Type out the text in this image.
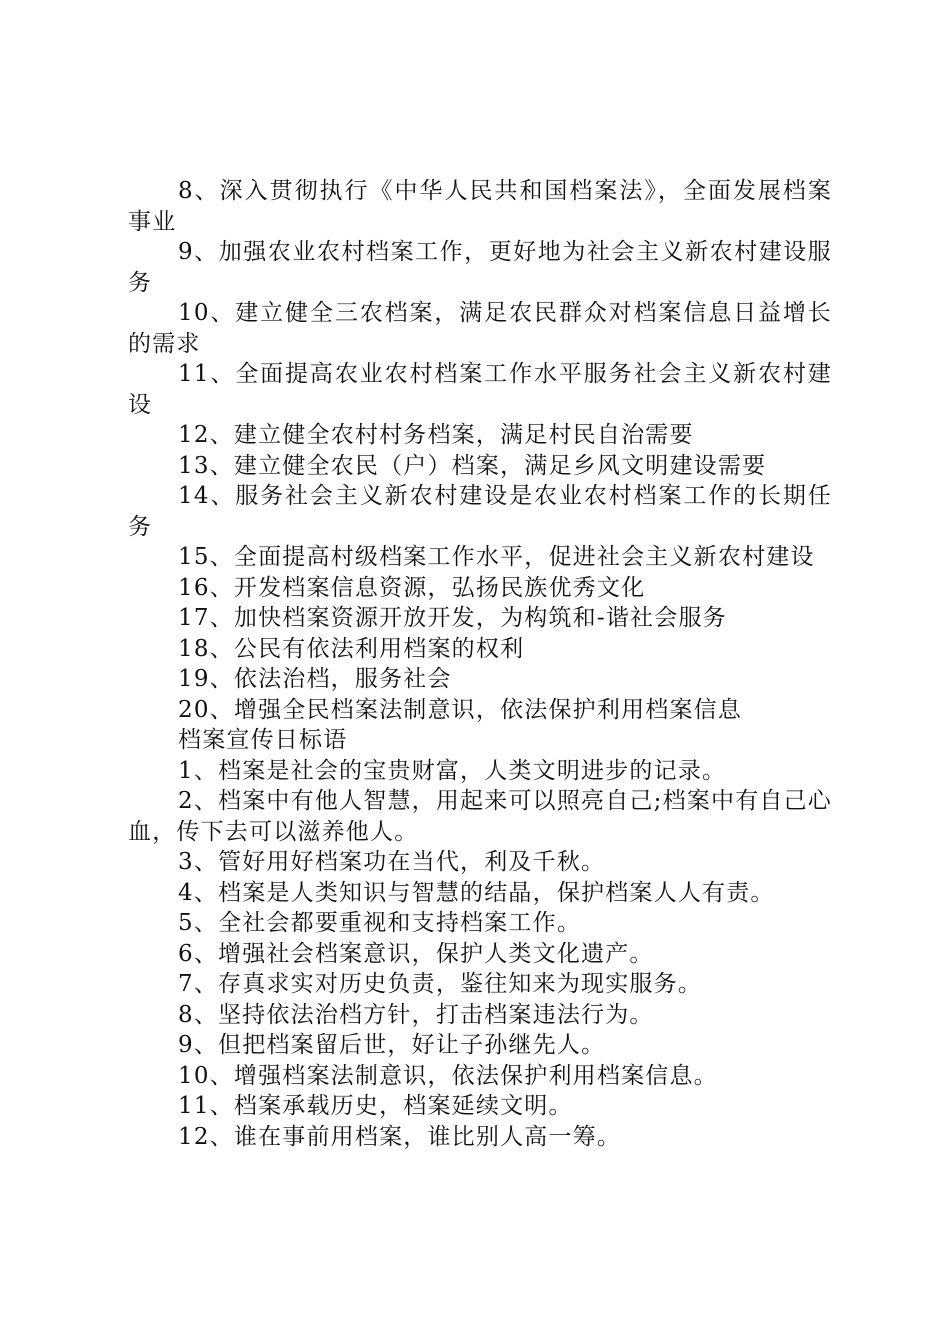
8、深入贯彻执行《中华人民共和国档案法》，全面发展档案事业

9、加强农业农村档案工作，更好地为社会主义新农村建设服务

10、建立健全三农档案，满足农民群众对档案信息日益增长的需求

11、全面提高农业农村档案工作水平服务社会主义新农村建设

12、建立健全农村村务档案，满足村民自治需要

13、建立健全农民（户）档案，满足乡风文明建设需要

14、服务社会主义新农村建设是农业农村档案工作的长期任务

15、全面提高村级档案工作水平，促进社会主义新农村建设

16、开发档案信息资源，弘扬民族优秀文化

17、加快档案资源开放开发，为构筑和-谐社会服务

18、公民有依法利用档案的权利

19、依法治档，服务社会

20、增强全民档案法制意识，依法保护利用档案信息

档案宣传日标语

1、档案是社会的宝贵财富，人类文明进步的记录。

2、档案中有他人智慧，用起来可以照亮自己;档案中有自己心血，传下去可以滋养他人。

3、管好用好档案功在当代，利及千秋。

4、档案是人类知识与智慧的结晶，保护档案人人有责。

5、全社会都要重视和支持档案工作。

6、增强社会档案意识，保护人类文化遗产。

7、存真求实对历史负责，鉴往知来为现实服务。

8、坚持依法治档方针，打击档案违法行为。

9、但把档案留后世，好让子孙继先人。

10、增强档案法制意识，依法保护利用档案信息。

11、档案承载历史，档案延续文明。

12、谁在事前用档案，谁比别人高一筹。
